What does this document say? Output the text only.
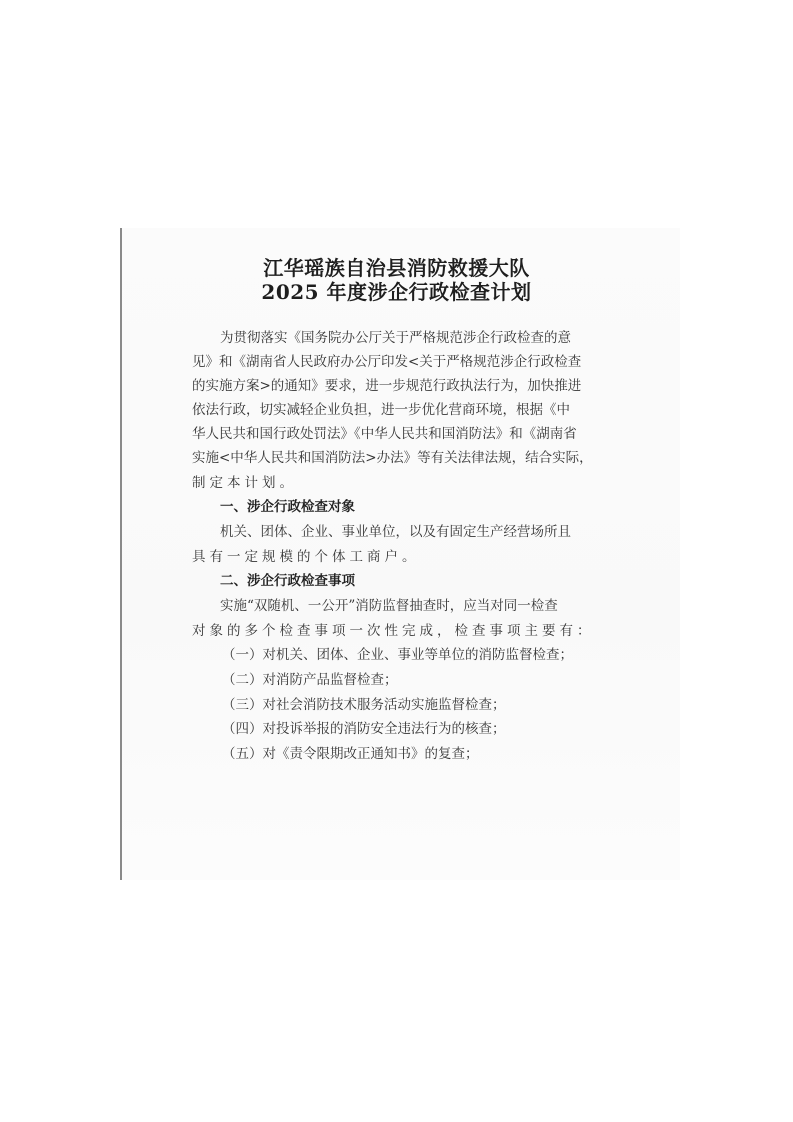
江华瑶族自治县消防救援大队
2025 年度涉企行政检查计划
为贯彻落实《国务院办公厅关于严格规范涉企行政检查的意
见》和《湖南省人民政府办公厅印发<关于严格规范涉企行政检查
的实施方案>的通知》要求，进一步规范行政执法行为，加快推进
依法行政，切实减轻企业负担，进一步优化营商环境，根据《中
华人民共和国行政处罚法》《中华人民共和国消防法》和《湖南省
实施<中华人民共和国消防法>办法》等有关法律法规，结合实际，
制定本计划。
一、涉企行政检查对象
机关、团体、企业、事业单位，以及有固定生产经营场所且
具有一定规模的个体工商户。
二、涉企行政检查事项
实施“双随机、一公开”消防监督抽查时，应当对同一检查
对象的多个检查事项一次性完成，检查事项主要有：
（一）对机关、团体、企业、事业等单位的消防监督检查；
（二）对消防产品监督检查；
（三）对社会消防技术服务活动实施监督检查；
（四）对投诉举报的消防安全违法行为的核查；
（五）对《责令限期改正通知书》的复查；
